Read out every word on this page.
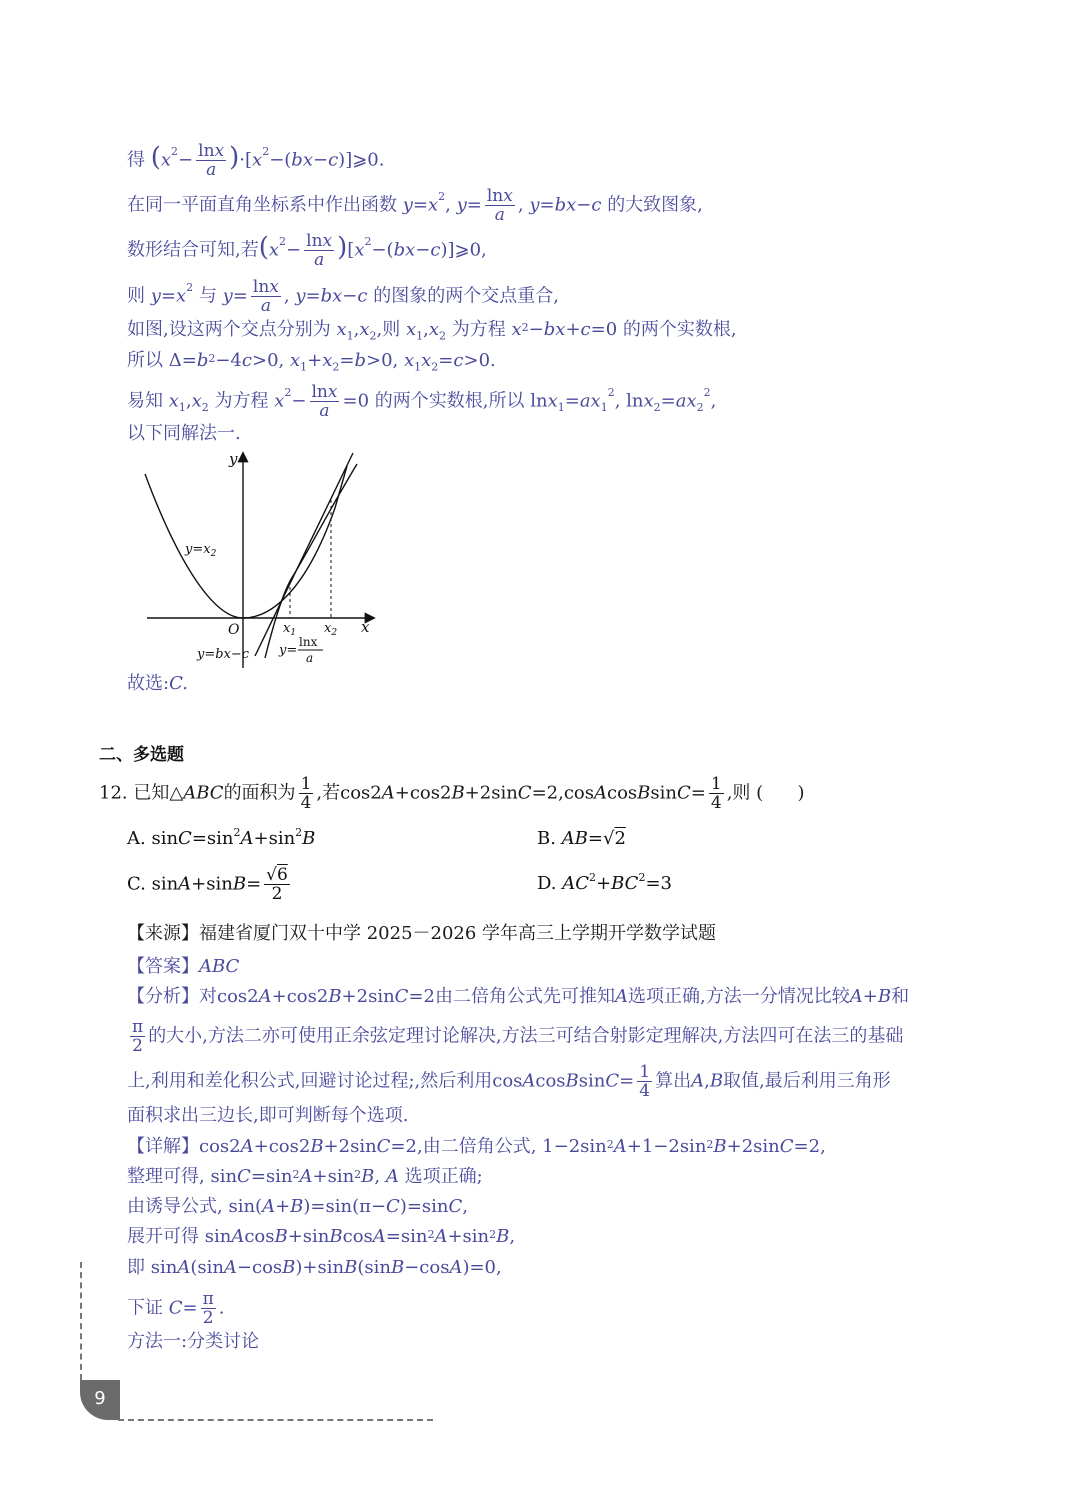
得 ($x^2- \frac{\ln x}{a}$ )$\cdot[x^2-(bx-c)]⩾0$.
在同一平面直角坐标系中作出函数 $y=x^2$, $y= \frac{\ln x}{a}$ , y=bx−c 的大致图象,
数形结合可知,若($x^2- \frac{\ln x}{a}$ )$[x^2-(bx-c)]⩾0$,
则 $y=x^2$ 与 $y= \frac{\ln x}{a}$ , y=bx−c 的图象的两个交点重合,
如图,设这两个交点分别为 $x_1,x_2$,则 $x_1,x_2$ 为方程 $x^2-bx+c=0$ 的两个实数根,
所以 $\Delta=b^2-4c>0$, $x_1+x_2=b>0$, $x_1x_2=c>0$.
易知 $x_1,x_2$ 为方程 $x^2- \frac{\ln x}{a} =0$ 的两个实数根,所以 $\ln x_1=ax_1^2$, $\ln x_2=ax_2^2$,
以下同解法一.
y
x
O	$x_1$ $x_2$
$y=x_2$
y=bx−c y=
lnx
a
故选:C.
二、多选题
12. 已知△ABC的面积为 $\frac{1}{4}$ ,若cos2A+cos2B+2sinC=2,cosAcosBsinC= $\frac{1}{4}$ ,则 ( )
A. $\sin C=\sin^2A+\sin^2B$	B. AB=√2
C. $\sin A+\sin B= \frac{√6}{2}$	D. $AC^2+BC^2=3$
【来源】福建省厦门双十中学 2025－2026 学年高三上学期开学数学试题
【答案】ABC
【分析】对cos2A+cos2B+2sinC=2由二倍角公式先可推知A选项正确,方法一分情况比较A+B和
$\frac{\pi}{2}$ 的大小,方法二亦可使用正余弦定理讨论解决,方法三可结合射影定理解决,方法四可在法三的基础
上,利用和差化积公式,回避讨论过程;,然后利用cosAcosBsinC= $\frac{1}{4}$ 算出A,B取值,最后利用三角形
面积求出三边长,即可判断每个选项.
【详解】cos2A+cos2B+2sinC=2,由二倍角公式, $1-2\sin^2A+1-2\sin^2B+2\sin C=2$,
整理可得, $\sin C=\sin^2A+\sin^2B$, A 选项正确;
由诱导公式, sin(A+B)=sin(π−C)=sinC,
展开可得 $sinAcosB+sinBcosA=\sin^2A+\sin^2B$,
即 sinA(sinA−cosB)+sinB(sinB−cosA)=0,
下证 $C= \frac{\pi}{2}$ .
方法一:分类讨论
9
